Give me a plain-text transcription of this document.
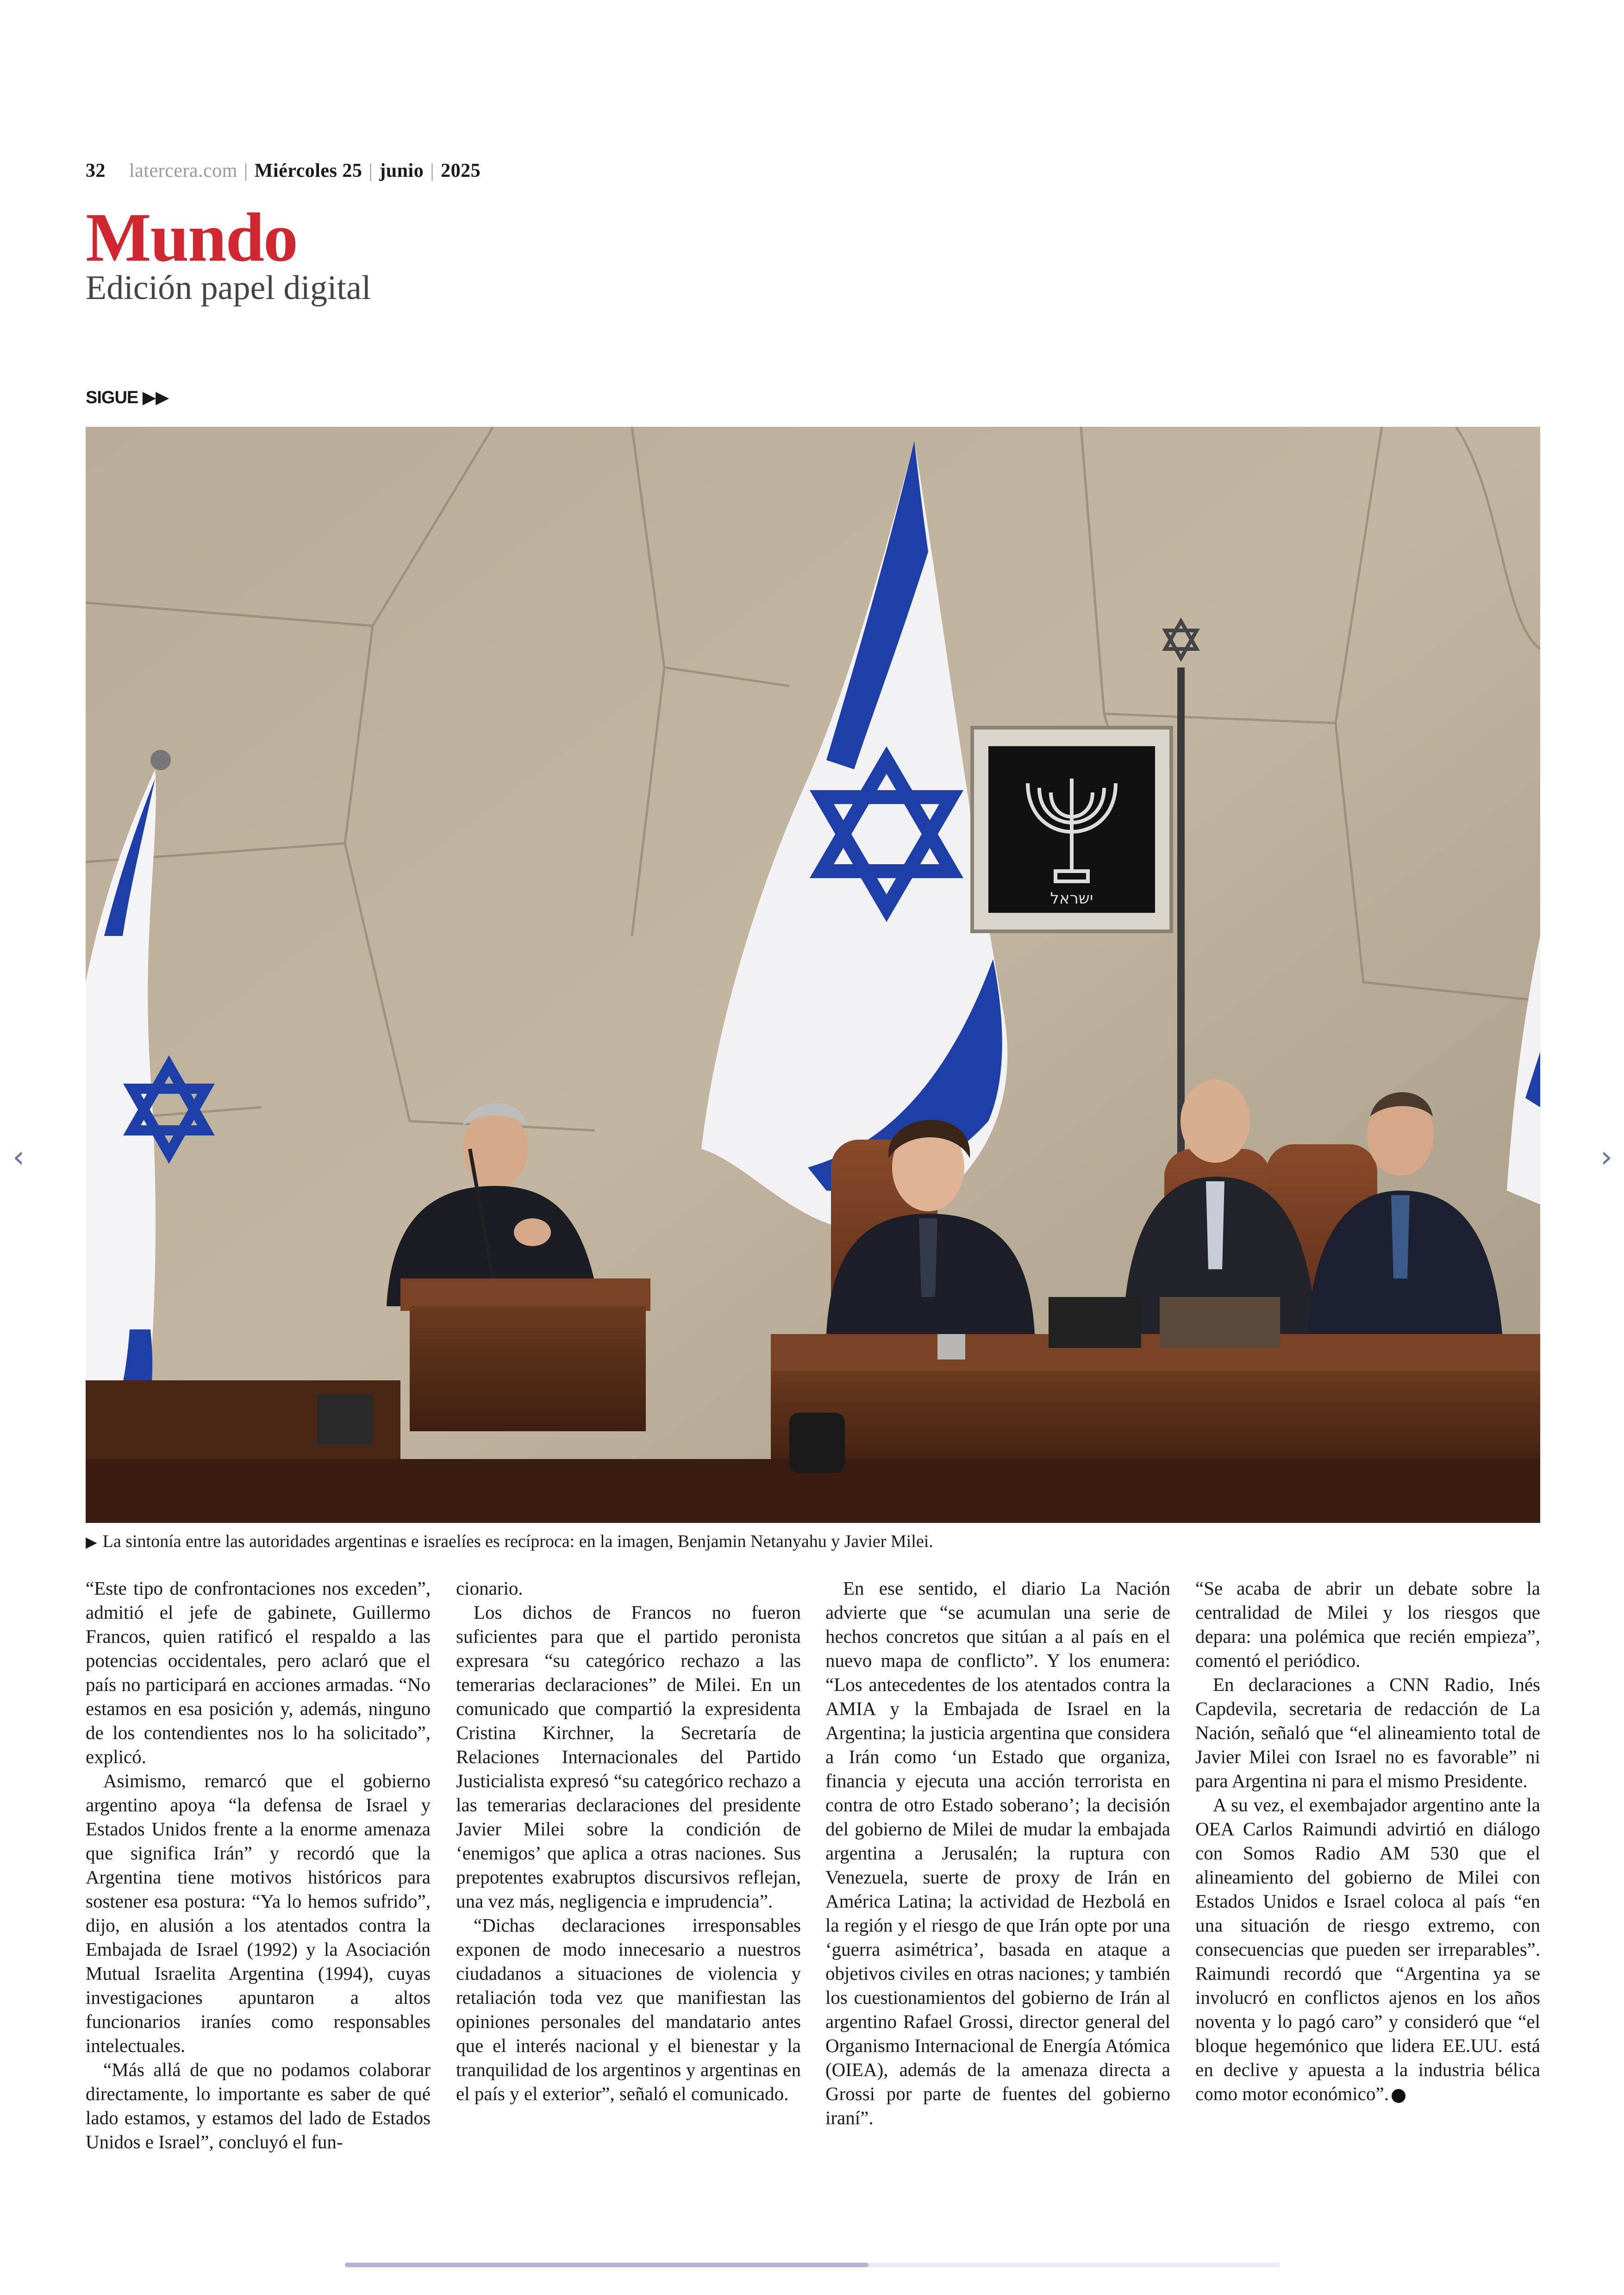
32 latercera.com | Miércoles 25 | junio | 2025
Mundo
Edición papel digital
SIGUE ▶▶
ישראל
▶ La sintonía entre las autoridades argentinas e israelíes es recíproca: en la imagen, Benjamin Netanyahu y Javier Milei.

“Este tipo de confrontaciones nos exceden”, admitió el jefe de gabinete, Guillermo Francos, quien ratificó el respaldo a las potencias occidentales, pero aclaró que el país no participará en acciones armadas. “No estamos en esa posición y, además, ninguno de los contendientes nos lo ha solicitado”, explicó.

Asimismo, remarcó que el gobierno argentino apoya “la defensa de Israel y Estados Unidos frente a la enorme amenaza que significa Irán” y recordó que la Argentina tiene motivos históricos para sostener esa postura: “Ya lo hemos sufrido”, dijo, en alusión a los atentados contra la Embajada de Israel (1992) y la Asociación Mutual Israelita Argentina (1994), cuyas investigaciones apuntaron a altos funcionarios iraníes como responsables intelectuales.

“Más allá de que no podamos colaborar directamente, lo importante es saber de qué lado estamos, y estamos del lado de Estados Unidos e Israel”, concluyó el fun-

cionario.

Los dichos de Francos no fueron suficientes para que el partido peronista expresara “su categórico rechazo a las temerarias declaraciones” de Milei. En un comunicado que compartió la expresidenta Cristina Kirchner, la Secretaría de Relaciones Internacionales del Partido Justicialista expresó “su categórico rechazo a las temerarias declaraciones del presidente Javier Milei sobre la condición de ‘enemigos’ que aplica a otras naciones. Sus prepotentes exabruptos discursivos reflejan, una vez más, negligencia e imprudencia”.

“Dichas declaraciones irresponsables exponen de modo innecesario a nuestros ciudadanos a situaciones de violencia y retaliación toda vez que manifiestan las opiniones personales del mandatario antes que el interés nacional y el bienestar y la tranquilidad de los argentinos y argentinas en el país y el exterior”, señaló el comunicado.

En ese sentido, el diario La Nación advierte que “se acumulan una serie de hechos concretos que sitúan a al país en el nuevo mapa de conflicto”. Y los enumera: “Los antecedentes de los atentados contra la AMIA y la Embajada de Israel en la Argentina; la justicia argentina que considera a Irán como ‘un Estado que organiza, financia y ejecuta una acción terrorista en contra de otro Estado soberano’; la decisión del gobierno de Milei de mudar la embajada argentina a Jerusalén; la ruptura con Venezuela, suerte de proxy de Irán en América Latina; la actividad de Hezbolá en la región y el riesgo de que Irán opte por una ‘guerra asimétrica’, basada en ataque a objetivos civiles en otras naciones; y también los cuestionamientos del gobierno de Irán al argentino Rafael Grossi, director general del Organismo Internacional de Energía Atómica (OIEA), además de la amenaza directa a Grossi por parte de fuentes del gobierno iraní”.

“Se acaba de abrir un debate sobre la centralidad de Milei y los riesgos que depara: una polémica que recién empieza”, comentó el periódico.

En declaraciones a CNN Radio, Inés Capdevila, secretaria de redacción de La Nación, señaló que “el alineamiento total de Javier Milei con Israel no es favorable” ni para Argentina ni para el mismo Presidente.

A su vez, el exembajador argentino ante la OEA Carlos Raimundi advirtió en diálogo con Somos Radio AM 530 que el alineamiento del gobierno de Milei con Estados Unidos e Israel coloca al país “en una situación de riesgo extremo, con consecuencias que pueden ser irreparables”. Raimundi recordó que “Argentina ya se involucró en conflictos ajenos en los años noventa y lo pagó caro” y consideró que “el bloque hegemónico que lidera EE.UU. está en declive y apuesta a la industria bélica como motor económico”.

‹	›
